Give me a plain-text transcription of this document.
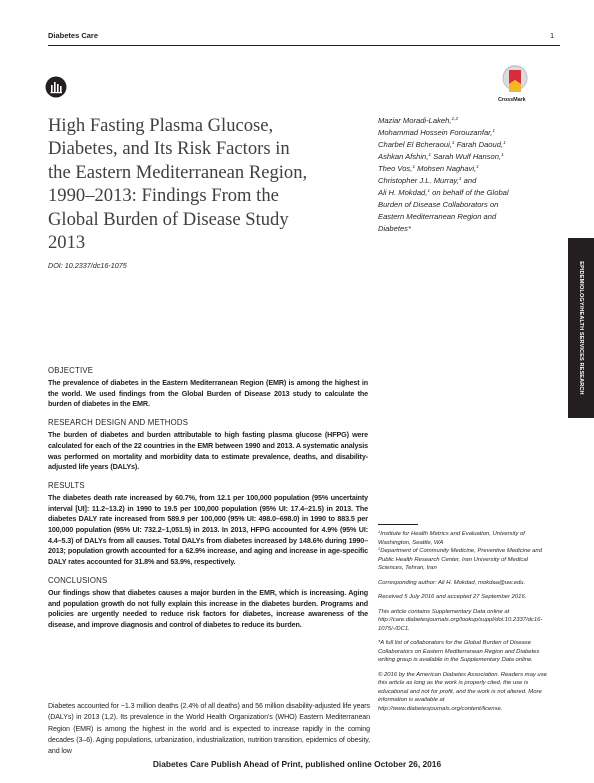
Diabetes Care	1
CrossMark
High Fasting Plasma Glucose,
Diabetes, and Its Risk Factors in
the Eastern Mediterranean Region,
1990–2013: Findings From the
Global Burden of Disease Study
2013
DOI: 10.2337/dc16-1075
Maziar Moradi-Lakeh,$^{1,2}$
Mohammad Hossein Forouzanfar,$^1$
Charbel El Bcheraoui,$^1$ Farah Daoud,$^1$
Ashkan Afshin,$^1$ Sarah Wulf Hanson,$^1$
Theo Vos,$^1$ Mohsen Naghavi,$^1$
Christopher J.L. Murray,$^1$ and
Ali H. Mokdad,$^1$ on behalf of the Global
Burden of Disease Collaborators on
Eastern Mediterranean Region and
Diabetes*
EPIDEMIOLOGY/HEALTH SERVICES RESEARCH
OBJECTIVE

The prevalence of diabetes in the Eastern Mediterranean Region (EMR) is among the highest in the world. We used findings from the Global Burden of Disease 2013 study to calculate the burden of diabetes in the EMR.

RESEARCH DESIGN AND METHODS

The burden of diabetes and burden attributable to high fasting plasma glucose (HFPG) were calculated for each of the 22 countries in the EMR between 1990 and 2013. A systematic analysis was performed on mortality and morbidity data to estimate prevalence, deaths, and disability-adjusted life years (DALYs).

RESULTS

The diabetes death rate increased by 60.7%, from 12.1 per 100,000 population (95% uncertainty interval [UI]: 11.2–13.2) in 1990 to 19.5 per 100,000 population (95% UI: 17.4–21.5) in 2013. The diabetes DALY rate increased from 589.9 per 100,000 (95% UI: 498.0–698.0) in 1990 to 883.5 per 100,000 population (95% UI: 732.2–1,051.5) in 2013. In 2013, HFPG accounted for 4.9% (95% UI: 4.4–5.3) of DALYs from all causes. Total DALYs from diabetes increased by 148.6% during 1990–2013; population growth accounted for a 62.9% increase, and aging and increase in age-specific DALY rates accounted for 31.8% and 53.9%, respectively.

CONCLUSIONS

Our findings show that diabetes causes a major burden in the EMR, which is increasing. Aging and population growth do not fully explain this increase in the diabetes burden. Programs and policies are urgently needed to reduce risk factors for diabetes, increase awareness of the disease, and improve diagnosis and control of diabetes to reduce its burden.

Diabetes accounted for ~1.3 million deaths (2.4% of all deaths) and 56 million disability-adjusted life years (DALYs) in 2013 (1,2). Its prevalence in the World Health Organization’s (WHO) Eastern Mediterranean Region (EMR) is among the highest in the world and is expected to increase rapidly in the coming decades (3–6). Aging populations, urbanization, industrialization, nutrition transition, epidemics of obesity, and low

$^1$Institute for Health Metrics and Evaluation, University of Washington, Seattle, WA
$^2$Department of Community Medicine, Preventive Medicine and Public Health Research Center, Iran University of Medical Sciences, Tehran, Iran

Corresponding author: Ali H. Mokdad, mokdaa@uw.edu.

Received 5 July 2016 and accepted 27 September 2016.

This article contains Supplementary Data online at http://care.diabetesjournals.org/lookup/suppl/doi:10.2337/dc16-1075/-/DC1.

*A full list of collaborators for the Global Burden of Disease Collaborators on Eastern Mediterranean Region and Diabetes writing group is available in the Supplementary Data online.

© 2016 by the American Diabetes Association. Readers may use this article as long as the work is properly cited, the use is educational and not for profit, and the work is not altered. More information is available at http://www.diabetesjournals.org/content/license.

Diabetes Care Publish Ahead of Print, published online October 26, 2016
